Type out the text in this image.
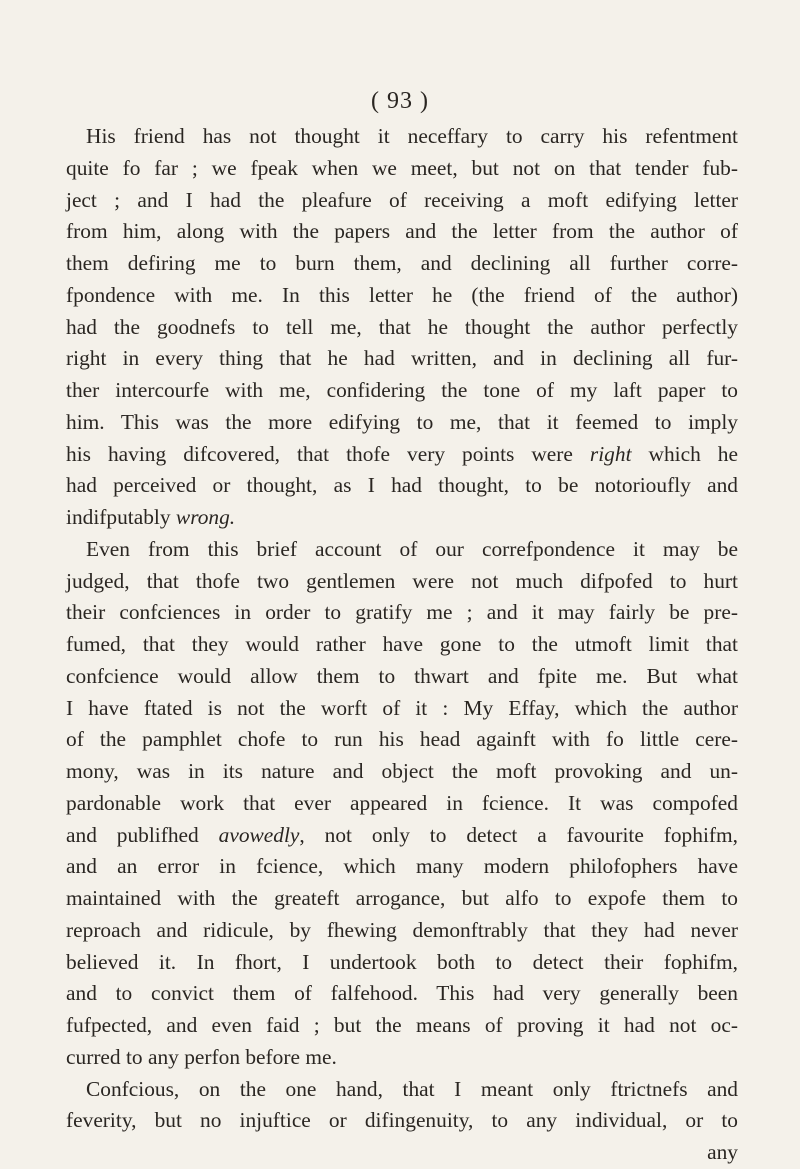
( 93 )
His friend has not thought it neceffary to carry his refentment
quite fo far ; we fpeak when we meet, but not on that tender fub-
ject ; and I had the pleafure of receiving a moft edifying letter
from him, along with the papers and the letter from the author of
them defiring me to burn them, and declining all further corre-
fpondence with me. In this letter he (the friend of the author)
had the goodnefs to tell me, that he thought the author perfectly
right in every thing that he had written, and in declining all fur-
ther intercourfe with me, confidering the tone of my laft paper to
him. This was the more edifying to me, that it feemed to imply
his having difcovered, that thofe very points were right which he
had perceived or thought, as I had thought, to be notorioufly and
indifputably wrong.
Even from this brief account of our correfpondence it may be
judged, that thofe two gentlemen were not much difpofed to hurt
their confciences in order to gratify me ; and it may fairly be pre-
fumed, that they would rather have gone to the utmoft limit that
confcience would allow them to thwart and fpite me. But what
I have ftated is not the worft of it : My Effay, which the author
of the pamphlet chofe to run his head againft with fo little cere-
mony, was in its nature and object the moft provoking and un-
pardonable work that ever appeared in fcience. It was compofed
and publifhed avowedly, not only to detect a favourite fophifm,
and an error in fcience, which many modern philofophers have
maintained with the greateft arrogance, but alfo to expofe them to
reproach and ridicule, by fhewing demonftrably that they had never
believed it. In fhort, I undertook both to detect their fophifm,
and to convict them of falfehood. This had very generally been
fufpected, and even faid ; but the means of proving it had not oc-
curred to any perfon before me.
Confcious, on the one hand, that I meant only ftrictnefs and
feverity, but no injuftice or difingenuity, to any individual, or to
any
